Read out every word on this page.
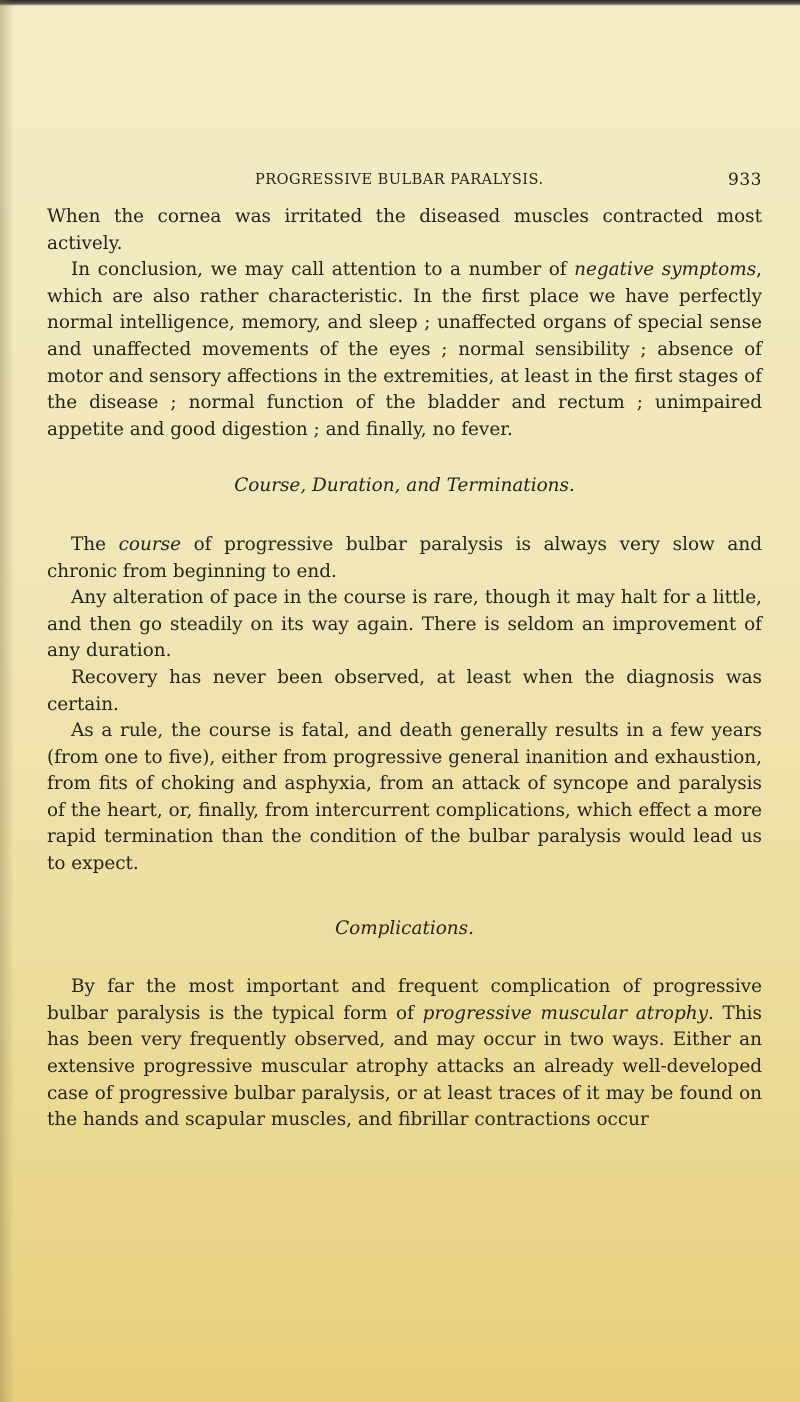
PROGRESSIVE BULBAR PARALYSIS.	933

When the cornea was irritated the diseased muscles contracted most actively.

In conclusion, we may call attention to a number of negative symptoms, which are also rather characteristic. In the first place we have perfectly normal intelligence, memory, and sleep ; unaffected organs of special sense and unaffected movements of the eyes ; normal sensibility ; absence of motor and sensory affections in the extremities, at least in the first stages of the disease ; normal function of the bladder and rectum ; unimpaired appetite and good digestion ; and finally, no fever.

Course, Duration, and Terminations.

The course of progressive bulbar paralysis is always very slow and chronic from beginning to end.

Any alteration of pace in the course is rare, though it may halt for a little, and then go steadily on its way again. There is seldom an improvement of any duration.

Recovery has never been observed, at least when the diagnosis was certain.

As a rule, the course is fatal, and death generally results in a few years (from one to five), either from progressive general inanition and exhaustion, from fits of choking and asphyxia, from an attack of syncope and paralysis of the heart, or, finally, from intercurrent complications, which effect a more rapid termination than the condition of the bulbar paralysis would lead us to expect.

Complications.

By far the most important and frequent complication of progressive bulbar paralysis is the typical form of progressive muscular atrophy. This has been very frequently observed, and may occur in two ways. Either an extensive progressive muscular atrophy attacks an already well-developed case of progressive bulbar paralysis, or at least traces of it may be found on the hands and scapular muscles, and fibrillar contractions occur
